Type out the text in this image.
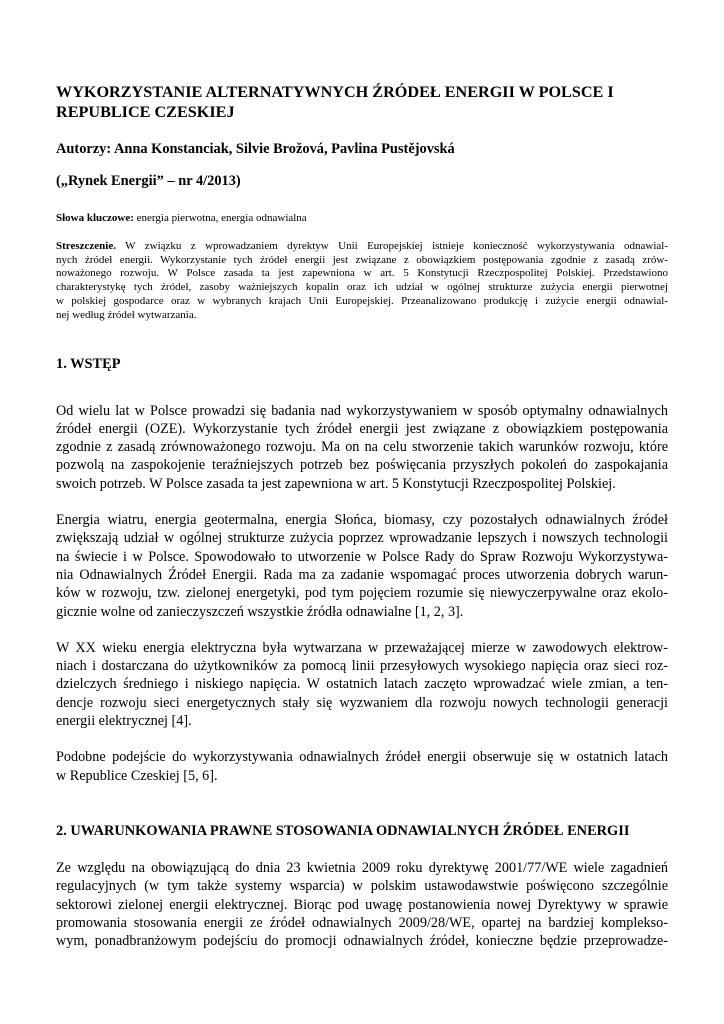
WYKORZYSTANIE ALTERNATYWNYCH ŹRÓDEŁ ENERGII W POLSCE I
REPUBLICE CZESKIEJ

Autorzy: Anna Konstanciak, Silvie Brožová, Pavlina Pustějovská

(„Rynek Energii” – nr 4/2013)

Słowa kluczowe: energia pierwotna, energia odnawialna

Streszczenie. W związku z wprowadzaniem dyrektyw Unii Europejskiej istnieje konieczność wykorzystywania odnawial-
nych źródeł energii. Wykorzystanie tych źródeł energii jest związane z obowiązkiem postępowania zgodnie z zasadą zrów-
noważonego rozwoju. W Polsce zasada ta jest zapewniona w art. 5 Konstytucji Rzeczpospolitej Polskiej. Przedstawiono
charakterystykę tych źródeł, zasoby ważniejszych kopalin oraz ich udział w ogólnej strukturze zużycia energii pierwotnej
w polskiej gospodarce oraz w wybranych krajach Unii Europejskiej. Przeanalizowano produkcję i zużycie energii odnawial-
nej według źródeł wytwarzania.
1. WSTĘP
Od wielu lat w Polsce prowadzi się badania nad wykorzystywaniem w sposób optymalny odnawialnych
źródeł energii (OZE). Wykorzystanie tych źródeł energii jest związane z obowiązkiem postępowania
zgodnie z zasadą zrównoważonego rozwoju. Ma on na celu stworzenie takich warunków rozwoju, które
pozwolą na zaspokojenie teraźniejszych potrzeb bez poświęcania przyszłych pokoleń do zaspokajania
swoich potrzeb. W Polsce zasada ta jest zapewniona w art. 5 Konstytucji Rzeczpospolitej Polskiej.
Energia wiatru, energia geotermalna, energia Słońca, biomasy, czy pozostałych odnawialnych źródeł
zwiększają udział w ogólnej strukturze zużycia poprzez wprowadzanie lepszych i nowszych technologii
na świecie i w Polsce. Spowodowało to utworzenie w Polsce Rady do Spraw Rozwoju Wykorzystywa-
nia Odnawialnych Źródeł Energii. Rada ma za zadanie wspomagać proces utworzenia dobrych warun-
ków w rozwoju, tzw. zielonej energetyki, pod tym pojęciem rozumie się niewyczerpywalne oraz ekolo-
gicznie wolne od zanieczyszczeń wszystkie źródła odnawialne [1, 2, 3].
W XX wieku energia elektryczna była wytwarzana w przeważającej mierze w zawodowych elektrow-
niach i dostarczana do użytkowników za pomocą linii przesyłowych wysokiego napięcia oraz sieci roz-
dzielczych średniego i niskiego napięcia. W ostatnich latach zaczęto wprowadzać wiele zmian, a ten-
dencje rozwoju sieci energetycznych stały się wyzwaniem dla rozwoju nowych technologii generacji
energii elektrycznej [4].
Podobne podejście do wykorzystywania odnawialnych źródeł energii obserwuje się w ostatnich latach
w Republice Czeskiej [5, 6].
2. UWARUNKOWANIA PRAWNE STOSOWANIA ODNAWIALNYCH ŹRÓDEŁ ENERGII
Ze względu na obowiązującą do dnia 23 kwietnia 2009 roku dyrektywę 2001/77/WE wiele zagadnień
regulacyjnych (w tym także systemy wsparcia) w polskim ustawodawstwie poświęcono szczególnie
sektorowi zielonej energii elektrycznej. Biorąc pod uwagę postanowienia nowej Dyrektywy w sprawie
promowania stosowania energii ze źródeł odnawialnych 2009/28/WE, opartej na bardziej komplekso-
wym, ponadbranżowym podejściu do promocji odnawialnych źródeł, konieczne będzie przeprowadze-
